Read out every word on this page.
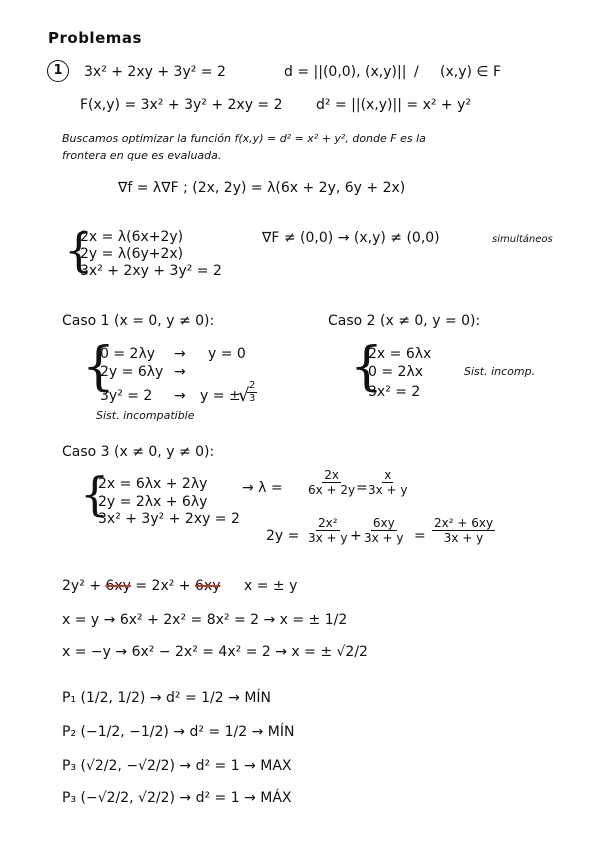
Problemas
1	3x² + 2xy + 3y² = 2	d = ||(0,0), (x,y)|| / (x,y) ∈ F
F(x,y) = 3x² + 3y² + 2xy = 2 d² = ||(x,y)|| = x² + y²
Buscamos optimizar la función f(x,y) = d² = x² + y², donde F es la
frontera en que es evaluada.
∇f = λ∇F ; (2x, 2y) = λ(6x + 2y, 6y + 2x)
{
2x = λ(6x+2y)
2y = λ(6y+2x)
3x² + 2xy + 3y² = 2
∇F ≠ (0,0) → (x,y) ≠ (0,0)	simultáneos
Caso 1 (x = 0, y ≠ 0):
{
0 = 2λy → y = 0
2y = 6λy →
3y² = 2 → y = ±
√
$\frac{2}{3}$
Sist. incompatible
Caso 2 (x ≠ 0, y = 0):
{
2x = 6λx
0 = 2λx
3x² = 2
Sist. incomp.
Caso 3 (x ≠ 0, y ≠ 0):
{
2x = 6λx + 2λy
2y = 2λx + 6λy
3x² + 3y² + 2xy = 2
→ $\lambda = \frac{2x}{6x + 2y}$
=
$\frac{x}{3x + y}$
$2y = \frac{\text{2x²}}{3x + y} + \frac{6xy}{3x + y} = \frac{\text{2x² + 6xy}}{3x + y}$
2y² + 6xy = 2x² + 6xy x = ± y
x = y → 6x² + 2x² = 8x² = 2 → x = ± 1/2
x = −y → 6x² − 2x² = 4x² = 2 → x = ± √2/2
P₁ (1/2, 1/2) → d² = 1/2 → MÍN
P₂ (−1/2, −1/2) → d² = 1/2 → MÍN
P₃ (√2/2, −√2/2) → d² = 1 → MAX
P₃ (−√2/2, √2/2) → d² = 1 → MÁX
